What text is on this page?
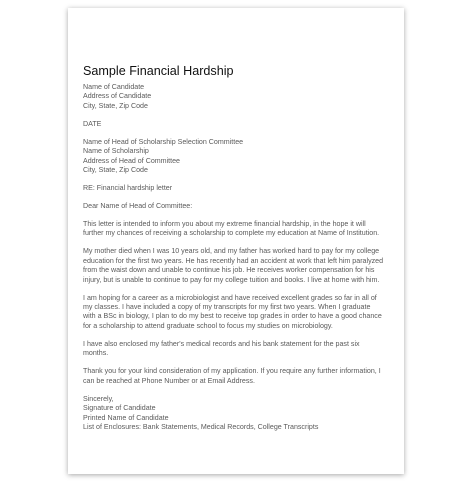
Sample Financial Hardship
Name of Candidate
Address of Candidate
City, State, Zip Code
DATE
Name of Head of Scholarship Selection Committee
Name of Scholarship
Address of Head of Committee
City, State, Zip Code
RE: Financial hardship letter
Dear Name of Head of Committee:
This letter is intended to inform you about my extreme financial hardship, in the hope it will
further my chances of receiving a scholarship to complete my education at Name of Institution.
My mother died when I was 10 years old, and my father has worked hard to pay for my college
education for the first two years. He has recently had an accident at work that left him paralyzed
from the waist down and unable to continue his job. He receives worker compensation for his
injury, but is unable to continue to pay for my college tuition and books. I live at home with him.
I am hoping for a career as a microbiologist and have received excellent grades so far in all of
my classes. I have included a copy of my transcripts for my first two years. When I graduate
with a BSc in biology, I plan to do my best to receive top grades in order to have a good chance
for a scholarship to attend graduate school to focus my studies on microbiology.
I have also enclosed my father's medical records and his bank statement for the past six
months.
Thank you for your kind consideration of my application. If you require any further information, I
can be reached at Phone Number or at Email Address.
Sincerely,
Signature of Candidate
Printed Name of Candidate
List of Enclosures: Bank Statements, Medical Records, College Transcripts
